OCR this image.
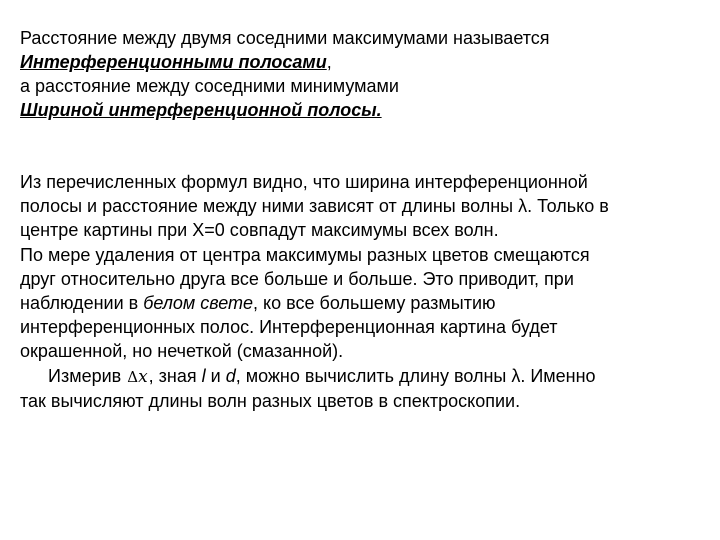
Расстояние между двумя соседними максимумами называется
Интерференционными полосами,
а расстояние между соседними минимумами
Шириной интерференционной полосы.
Из перечисленных формул видно, что ширина интерференционной
полосы и расстояние между ними зависят от длины волны λ. Только в
центре картины при Х=0 совпадут максимумы всех волн.
По мере удаления от центра максимумы разных цветов смещаются
друг относительно друга все больше и больше. Это приводит, при
наблюдении в белом свете, ко все большему размытию
интерференционных полос. Интерференционная картина будет
окрашенной, но нечеткой (смазанной).
Измерив Δx, зная l и d, можно вычислить длину волны λ. Именно
так вычисляют длины волн разных цветов в спектроскопии.
